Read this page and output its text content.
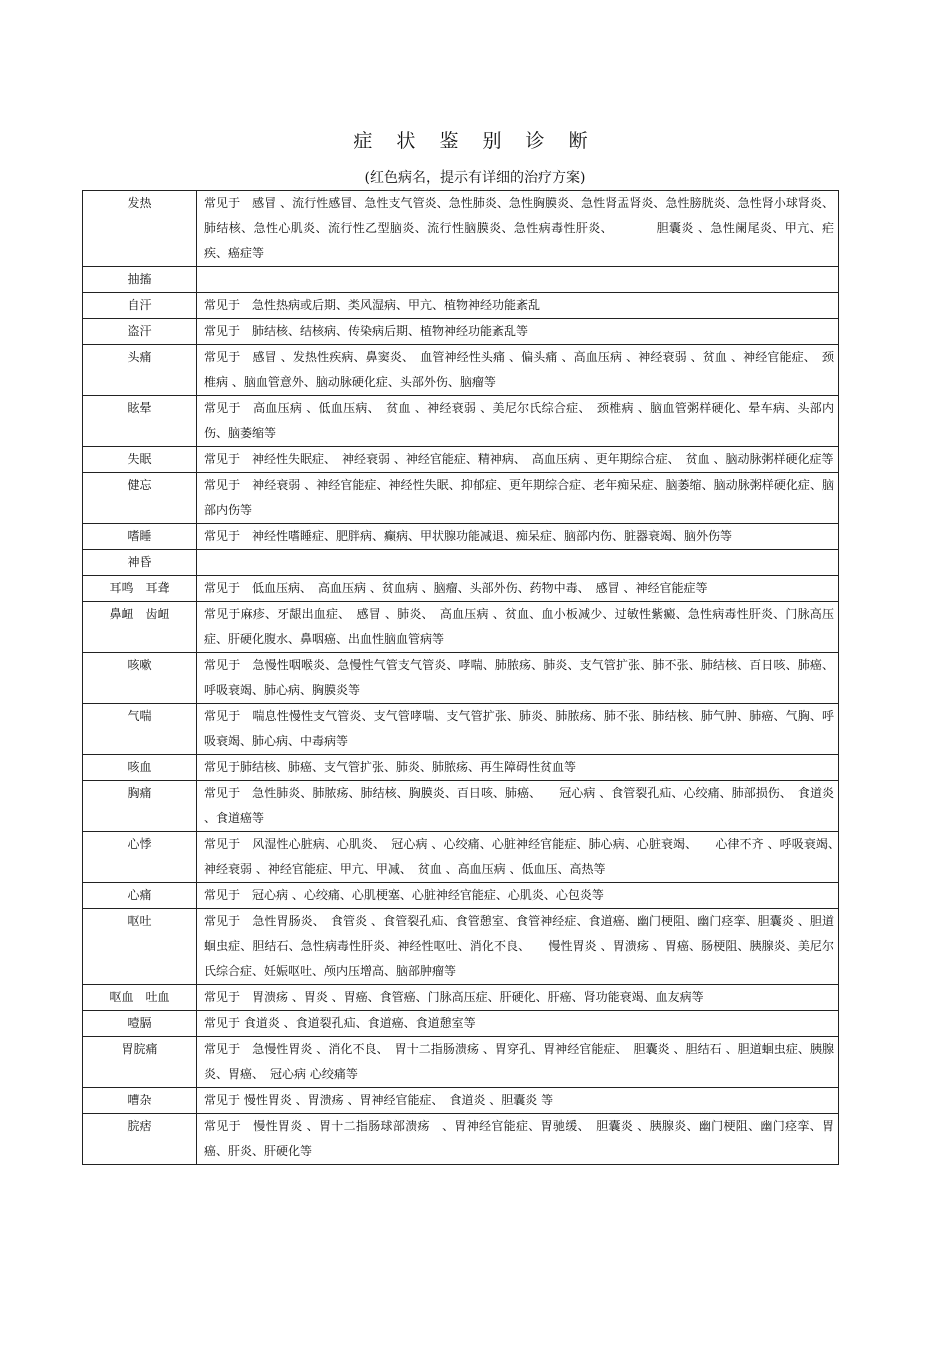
症 状 鉴 别 诊 断
(红色病名，提示有详细的治疗方案)
发热	常见于　感冒 、流行性感冒、急性支气管炎、急性肺炎、急性胸膜炎、急性肾盂肾炎、急性膀胱炎、急性肾小球肾炎、肺结核、急性心肌炎、流行性乙型脑炎、流行性脑膜炎、急性病毒性肝炎、　　　　胆囊炎 、急性阑尾炎、甲亢、疟疾、癌症等

抽搐	

自汗	常见于　急性热病或后期、类风湿病、甲亢、植物神经功能紊乱

盗汗	常见于　肺结核、结核病、传染病后期、植物神经功能紊乱等

头痛	常见于　感冒 、发热性疾病、鼻窦炎、　血管神经性头痛 、偏头痛 、高血压病 、神经衰弱 、贫血 、神经官能症、　颈椎病 、脑血管意外、脑动脉硬化症、头部外伤、脑瘤等

眩晕	常见于　高血压病 、低血压病、　贫血 、神经衰弱 、美尼尔氏综合症、　颈椎病 、脑血管粥样硬化、晕车病、头部内伤、脑萎缩等

失眠	常见于　神经性失眠症、　神经衰弱 、神经官能症、精神病、　高血压病 、更年期综合症、　贫血 、脑动脉粥样硬化症等

健忘	常见于　神经衰弱 、神经官能症、神经性失眠、抑郁症、更年期综合症、老年痴呆症、脑萎缩、脑动脉粥样硬化症、脑部内伤等

嗜睡	常见于　神经性嗜睡症、肥胖病、癫病、甲状腺功能减退、痴呆症、脑部内伤、脏器衰竭、脑外伤等

神昏	

耳鸣　耳聋	常见于　低血压病、　高血压病 、贫血病 、脑瘤、头部外伤、药物中毒、　感冒 、神经官能症等

鼻衄　齿衄	常见于麻疹、牙龈出血症、　感冒 、肺炎、　高血压病 、贫血、血小板减少、过敏性紫癜、急性病毒性肝炎、门脉高压症、肝硬化腹水、鼻咽癌、出血性脑血管病等

咳嗽	常见于　急慢性咽喉炎、急慢性气管支气管炎、哮喘、肺脓疡、肺炎、支气管扩张、肺不张、肺结核、百日咳、肺癌、呼吸衰竭、肺心病、胸膜炎等

气喘	常见于　喘息性慢性支气管炎、支气管哮喘、支气管扩张、肺炎、肺脓疡、肺不张、肺结核、肺气肿、肺癌、气胸、呼吸衰竭、肺心病、中毒病等

咳血	常见于肺结核、肺癌、支气管扩张、肺炎、肺脓疡、再生障碍性贫血等

胸痛	常见于　急性肺炎、肺脓疡、肺结核、胸膜炎、百日咳、肺癌、　　冠心病 、食管裂孔疝、心绞痛、肺部损伤、　食道炎 、食道癌等

心悸	常见于　风湿性心脏病、心肌炎、　冠心病 、心绞痛、心脏神经官能症、肺心病、心脏衰竭、　　心律不齐 、呼吸衰竭、　神经衰弱 、神经官能症、甲亢、甲减、　贫血 、高血压病 、低血压、高热等

心痛	常见于　冠心病 、心绞痛、心肌梗塞、心脏神经官能症、心肌炎、心包炎等

呕吐	常见于　急性胃肠炎、　食管炎 、食管裂孔疝、食管憩室、食管神经症、食道癌、幽门梗阻、幽门痉挛、胆囊炎 、胆道蛔虫症、胆结石、急性病毒性肝炎、神经性呕吐、消化不良、　　慢性胃炎 、胃溃疡 、胃癌、肠梗阻、胰腺炎、美尼尔氏综合症、妊娠呕吐、颅内压增高、脑部肿瘤等

呕血　吐血	常见于　胃溃疡 、胃炎 、胃癌、食管癌、门脉高压症、肝硬化、肝癌、肾功能衰竭、血友病等

噎膈	常见于 食道炎 、食道裂孔疝、食道癌、食道憩室等

胃脘痛	常见于　急慢性胃炎 、消化不良、　胃十二指肠溃疡 、胃穿孔、胃神经官能症、　胆囊炎 、胆结石 、胆道蛔虫症、胰腺炎、胃癌、　冠心病 心绞痛等

嘈杂	常见于 慢性胃炎 、胃溃疡 、胃神经官能症、　食道炎 、胆囊炎 等

脘痞	常见于　慢性胃炎 、胃十二指肠球部溃疡　、胃神经官能症、胃驰缓、　胆囊炎 、胰腺炎、幽门梗阻、幽门痉挛、胃癌、肝炎、肝硬化等
